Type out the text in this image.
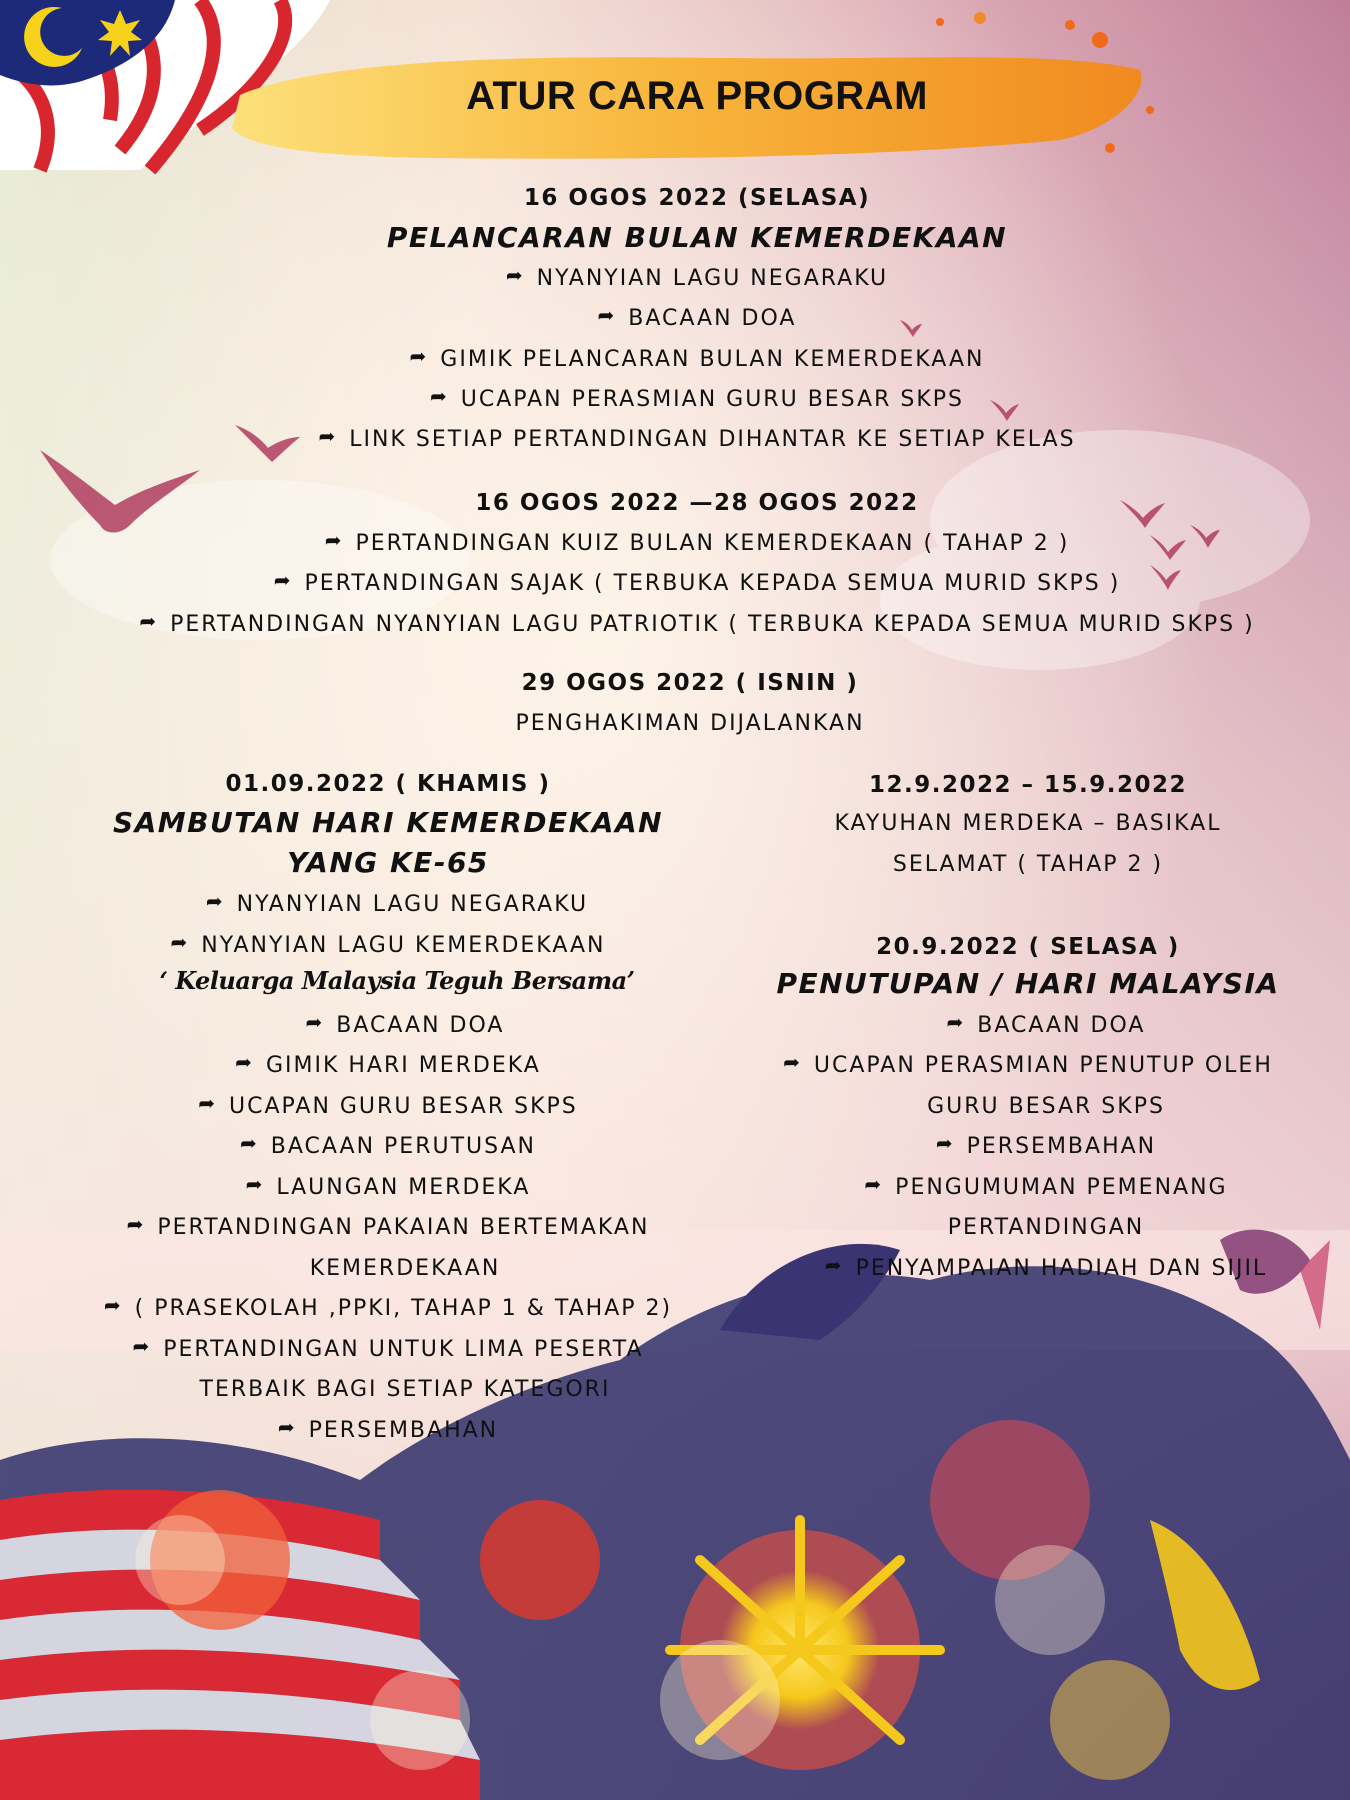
ATUR CARA PROGRAM
16 OGOS 2022 (SELASA)
PELANCARAN BULAN KEMERDEKAAN
➦ NYANYIAN LAGU NEGARAKU
➦ BACAAN DOA
➦ GIMIK PELANCARAN BULAN KEMERDEKAAN
➦ UCAPAN PERASMIAN GURU BESAR SKPS
➦ LINK SETIAP PERTANDINGAN DIHANTAR KE SETIAP KELAS
16 OGOS 2022 —28 OGOS 2022
➦ PERTANDINGAN KUIZ BULAN KEMERDEKAAN ( TAHAP 2 )
➦ PERTANDINGAN SAJAK ( TERBUKA KEPADA SEMUA MURID SKPS )
➦ PERTANDINGAN NYANYIAN LAGU PATRIOTIK ( TERBUKA KEPADA SEMUA MURID SKPS )
29 OGOS 2022 ( ISNIN )
PENGHAKIMAN DIJALANKAN
01.09.2022 ( KHAMIS )
SAMBUTAN HARI KEMERDEKAAN
YANG KE-65
➦ NYANYIAN LAGU NEGARAKU
➦ NYANYIAN LAGU KEMERDEKAAN
‘ Keluarga Malaysia Teguh Bersama’
➦ BACAAN DOA
➦ GIMIK HARI MERDEKA
➦ UCAPAN GURU BESAR SKPS
➦ BACAAN PERUTUSAN
➦ LAUNGAN MERDEKA
➦ PERTANDINGAN PAKAIAN BERTEMAKAN
KEMERDEKAAN
➦ ( PRASEKOLAH ,PPKI, TAHAP 1 & TAHAP 2)
➦ PERTANDINGAN UNTUK LIMA PESERTA
TERBAIK BAGI SETIAP KATEGORI
➦ PERSEMBAHAN
12.9.2022 – 15.9.2022
KAYUHAN MERDEKA – BASIKAL
SELAMAT ( TAHAP 2 )
20.9.2022 ( SELASA )
PENUTUPAN / HARI MALAYSIA
➦ BACAAN DOA
➦ UCAPAN PERASMIAN PENUTUP OLEH
GURU BESAR SKPS
➦ PERSEMBAHAN
➦ PENGUMUMAN PEMENANG
PERTANDINGAN
➦ PENYAMPAIAN HADIAH DAN SIJIL
